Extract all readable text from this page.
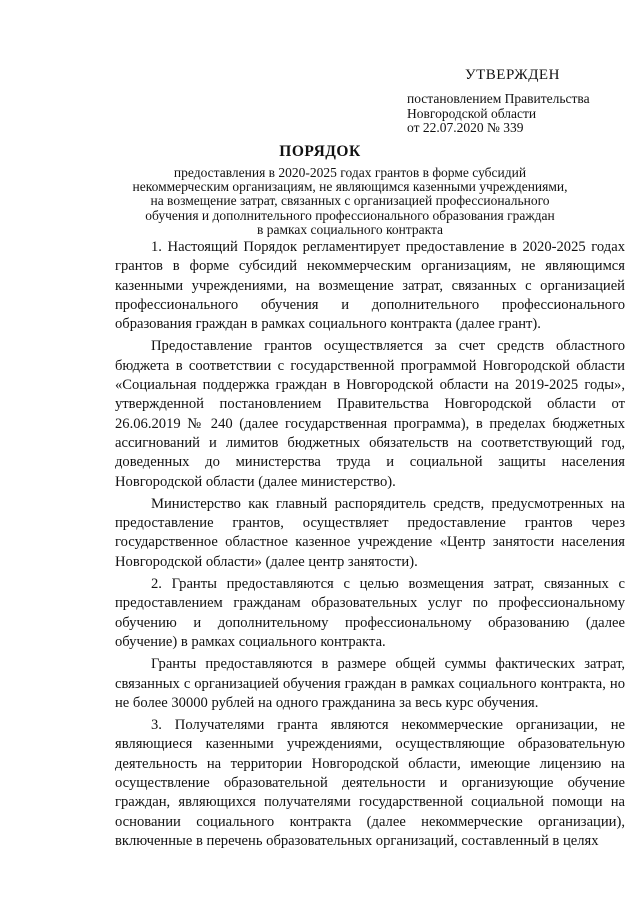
УТВЕРЖДЕН

постановлением Правительства

Новгородской области

от 22.07.2020 № 339

ПОРЯДОК
предоставления в 2020-2025 годах грантов в форме субсидий
некоммерческим организациям, не являющимся казенными учреждениями,
на возмещение затрат, связанных с организацией профессионального
обучения и дополнительного профессионального образования граждан
в рамках социального контракта

1. Настоящий Порядок регламентирует предоставление в 2020-2025 годах грантов в форме субсидий некоммерческим организациям, не являющимся казенными учреждениями, на возмещение затрат, связанных с организацией профессионального обучения и дополнительного профессионального образования граждан в рамках социального контракта (далее грант).

Предоставление грантов осуществляется за счет средств областного бюджета в соответствии с государственной программой Новгородской области «Социальная поддержка граждан в Новгородской области на 2019-2025 годы», утвержденной постановлением Правительства Новгородской области от 26.06.2019 № 240 (далее государственная программа), в пределах бюджетных ассигнований и лимитов бюджетных обязательств на соответствующий год, доведенных до министерства труда и социальной защиты населения Новгородской области (далее министерство).

Министерство как главный распорядитель средств, предусмотренных на предоставление грантов, осуществляет предоставление грантов через государственное областное казенное учреждение «Центр занятости населения Новгородской области» (далее центр занятости).

2. Гранты предоставляются с целью возмещения затрат, связанных с предоставлением гражданам образовательных услуг по профессиональному обучению и дополнительному профессиональному образованию (далее обучение) в рамках социального контракта.

Гранты предоставляются в размере общей суммы фактических затрат, связанных с организацией обучения граждан в рамках социального контракта, но не более 30000 рублей на одного гражданина за весь курс обучения.

3. Получателями гранта являются некоммерческие организации, не являющиеся казенными учреждениями, осуществляющие образовательную деятельность на территории Новгородской области, имеющие лицензию на осуществление образовательной деятельности и организующие обучение граждан, являющихся получателями государственной социальной помощи на основании социального контракта (далее некоммерческие организации), включенные в перечень образовательных организаций, составленный в целях
